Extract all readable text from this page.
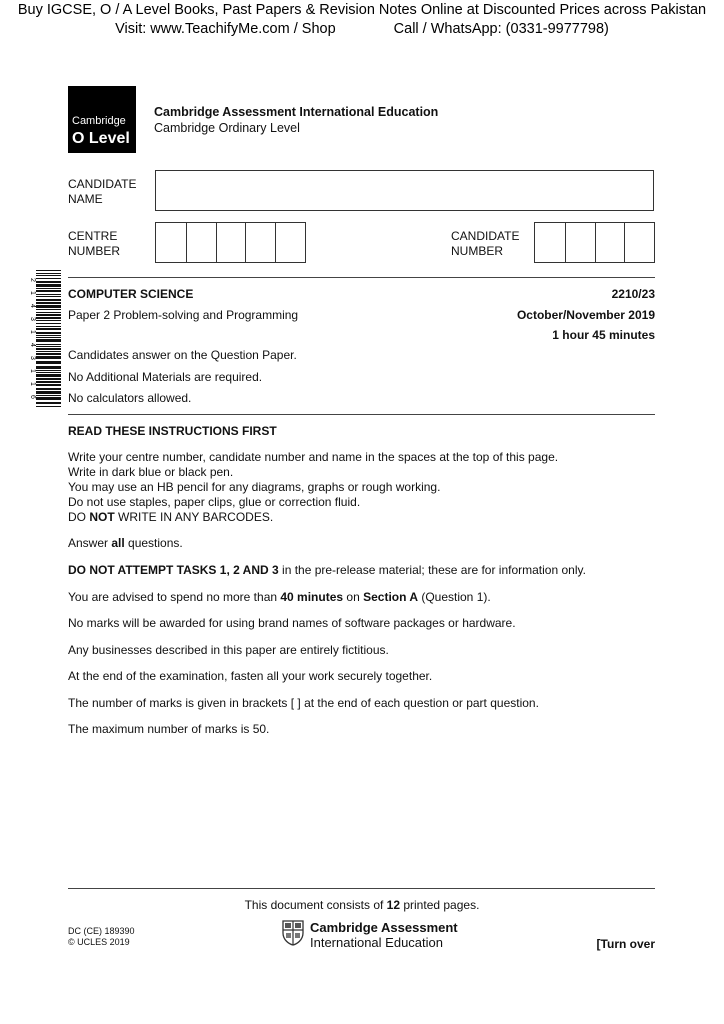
Buy IGCSE, O / A Level Books, Past Papers & Revision Notes Online at Discounted Prices across Pakistan
Visit: www.TeachifyMe.com / Shop	Call / WhatsApp: (0331-9977798)
Cambridge
O Level
Cambridge Assessment International Education
Cambridge Ordinary Level
CANDIDATE
NAME
CENTRE
NUMBER
CANDIDATE
NUMBER
2
1
4
3
1
4
3
1
1
6
COMPUTER SCIENCE	2210/23
Paper 2 Problem-solving and Programming	October/November 2019
1 hour 45 minutes
Candidates answer on the Question Paper.
No Additional Materials are required.
No calculators allowed.
READ THESE INSTRUCTIONS FIRST
Write your centre number, candidate number and name in the spaces at the top of this page.
Write in dark blue or black pen.
You may use an HB pencil for any diagrams, graphs or rough working.
Do not use staples, paper clips, glue or correction fluid.
DO NOT WRITE IN ANY BARCODES.
Answer all questions.
DO NOT ATTEMPT TASKS 1, 2 AND 3 in the pre-release material; these are for information only.
You are advised to spend no more than 40 minutes on Section A (Question 1).
No marks will be awarded for using brand names of software packages or hardware.
Any businesses described in this paper are entirely fictitious.
At the end of the examination, fasten all your work securely together.
The number of marks is given in brackets [ ] at the end of each question or part question.
The maximum number of marks is 50.
This document consists of 12 printed pages.
DC (CE) 189390
© UCLES 2019
Cambridge Assessment
International Education	[Turn over
